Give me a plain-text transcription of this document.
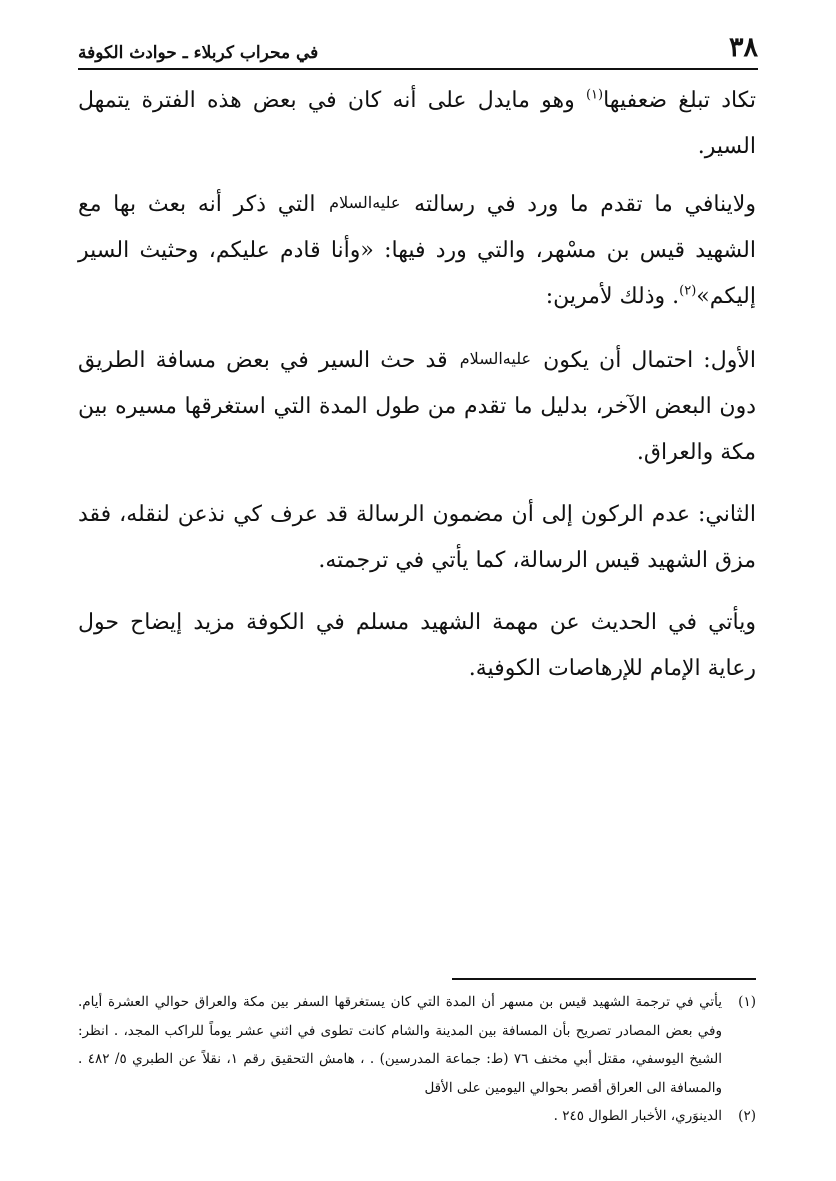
٣٨
في محراب كربلاء ـ حوادث الكوفة

تكاد تبلغ ضعفيها$^{(١)}$ وهو مايدل على أنه كان في بعض هذه الفترة يتمهل السير.

ولاينافي ما تقدم ما ورد في رسالته عليه‌السلام التي ذكر أنه بعث بها مع الشهيد قيس بن مسْهر، والتي ورد فيها: «وأنا قادم عليكم، وحثيث السير إليكم»$^{(٢)}$. وذلك لأمرين:

الأول: احتمال أن يكون عليه‌السلام قد حث السير في بعض مسافة الطريق دون البعض الآخر، بدليل ما تقدم من طول المدة التي استغرقها مسيره بين مكة والعراق.

الثاني: عدم الركون إلى أن مضمون الرسالة قد عرف كي نذعن لنقله، فقد مزق الشهيد قيس الرسالة، كما يأتي في ترجمته.

ويأتي في الحديث عن مهمة الشهيد مسلم في الكوفة مزيد إيضاح حول رعاية الإمام للإرهاصات الكوفية.

(١)
يأتي في ترجمة الشهيد قيس بن مسهر أن المدة التي كان يستغرقها السفر بين مكة والعراق حوالي العشرة أيام. وفي بعض المصادر تصريح بأن المسافة بين المدينة والشام كانت تطوى في اثني عشر يوماً للراكب المجد، . انظر: الشيخ اليوسفي، مقتل أبي مخنف ٧٦ (ط: جماعة المدرسين) . ، هامش التحقيق رقم ١، نقلاً عن الطبري ٥/ ٤٨٢ . والمسافة الى العراق أقصر بحوالي اليومين على الأقل
(٢)
الدينوَري، الأخبار الطوال ٢٤٥ .
